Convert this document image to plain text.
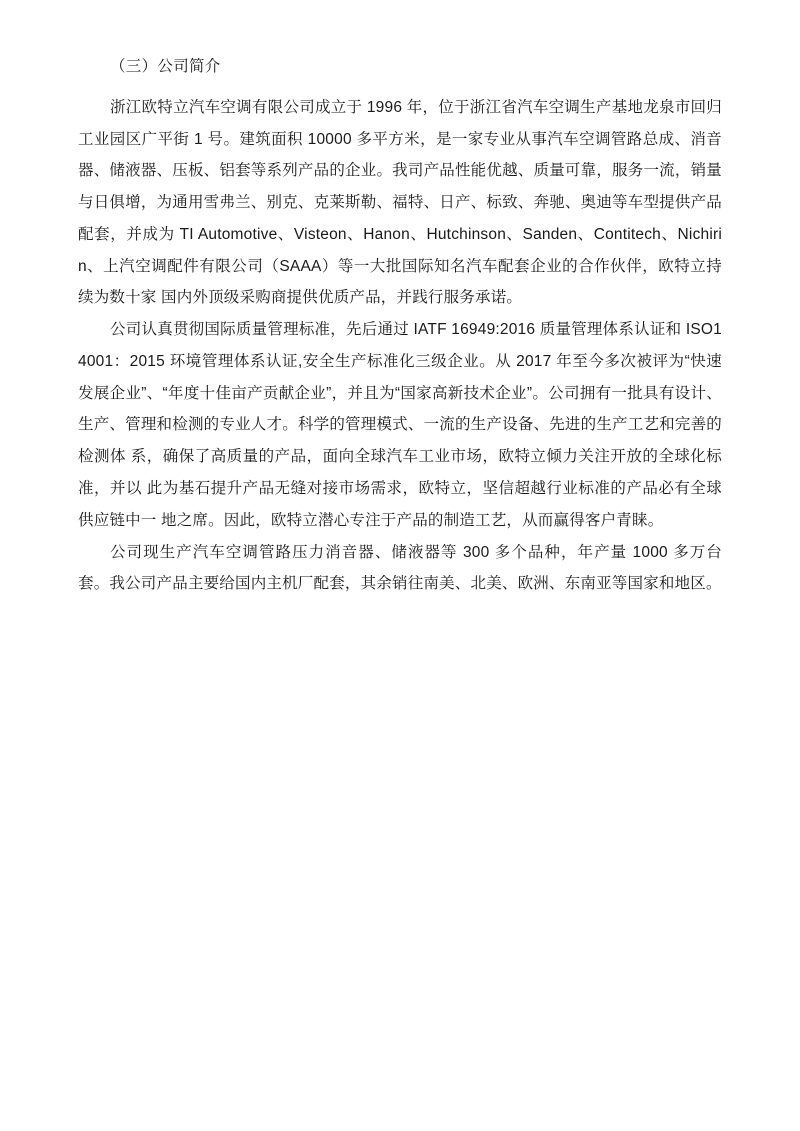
（三）公司简介

浙江欧特立汽车空调有限公司成立于 1996 年，位于浙江省汽车空调生产基地龙泉市回归工业园区广平街 1 号。建筑面积 10000 多平方米，是一家专业从事汽车空调管路总成、消音器、储液器、压板、铝套等系列产品的企业。我司产品性能优越、质量可靠，服务一流，销量与日俱增，为通用雪弗兰、别克、克莱斯勒、福特、日产、标致、奔驰、奥迪等车型提供产品配套，并成为 TI Automotive、Visteon、Hanon、Hutchinson、Sanden、Contitech、Nichirin、上汽空调配件有限公司（SAAA）等一大批国际知名汽车配套企业的合作伙伴，欧特立持续为数十家 国内外顶级采购商提供优质产品，并践行服务承诺。

公司认真贯彻国际质量管理标准，先后通过 IATF 16949:2016 质量管理体系认证和 ISO14001：2015 环境管理体系认证,安全生产标准化三级企业。从 2017 年至今多次被评为“快速发展企业”、“年度十佳亩产贡献企业”，并且为“国家高新技术企业”。公司拥有一批具有设计、生产、管理和检测的专业人才。科学的管理模式、一流的生产设备、先进的生产工艺和完善的检测体 系，确保了高质量的产品，面向全球汽车工业市场，欧特立倾力关注开放的全球化标准，并以 此为基石提升产品无缝对接市场需求，欧特立，坚信超越行业标准的产品必有全球供应链中一 地之席。因此，欧特立潜心专注于产品的制造工艺，从而赢得客户青睐。

公司现生产汽车空调管路压力消音器、储液器等 300 多个品种，年产量 1000 多万台套。我公司产品主要给国内主机厂配套，其余销往南美、北美、欧洲、东南亚等国家和地区。
